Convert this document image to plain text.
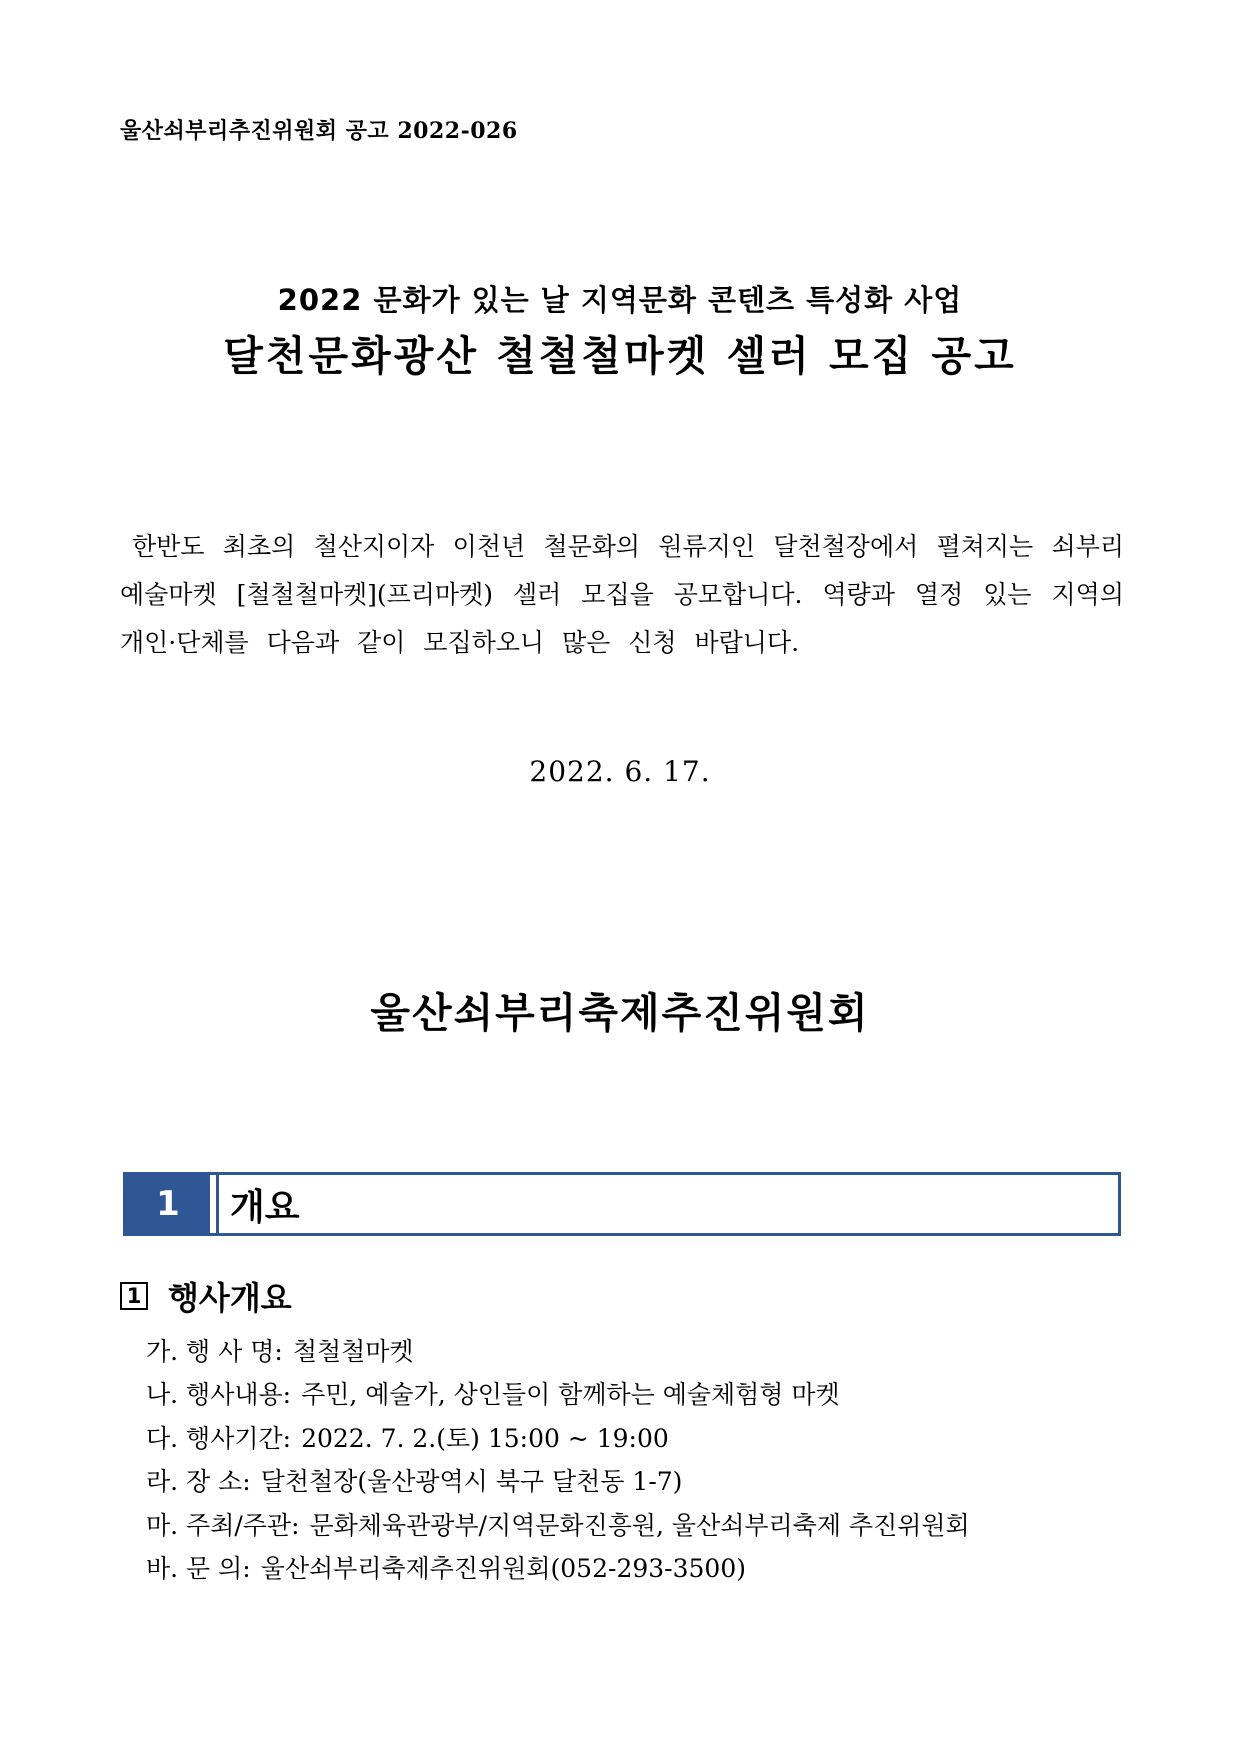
울산쇠부리추진위원회 공고 2022-026
2022 문화가 있는 날 지역문화 콘텐츠 특성화 사업
달천문화광산 철철철마켓 셀러 모집 공고
한반도 최초의 철산지이자 이천년 철문화의 원류지인 달천철장에서 펼쳐지는 쇠부리예술마켓 [철철철마켓](프리마켓) 셀러 모집을 공모합니다. 역량과 열정 있는 지역의 개인·단체를 다음과 같이 모집하오니 많은 신청 바랍니다.
2022. 6. 17.
울산쇠부리축제추진위원회
1	개요
1 행사개요
가. 행 사 명: 철철철마켓
나. 행사내용: 주민, 예술가, 상인들이 함께하는 예술체험형 마켓
다. 행사기간: 2022. 7. 2.(토) 15:00 ~ 19:00
라. 장 소: 달천철장(울산광역시 북구 달천동 1-7)
마. 주최/주관: 문화체육관광부/지역문화진흥원, 울산쇠부리축제 추진위원회
바. 문 의: 울산쇠부리축제추진위원회(052-293-3500)
